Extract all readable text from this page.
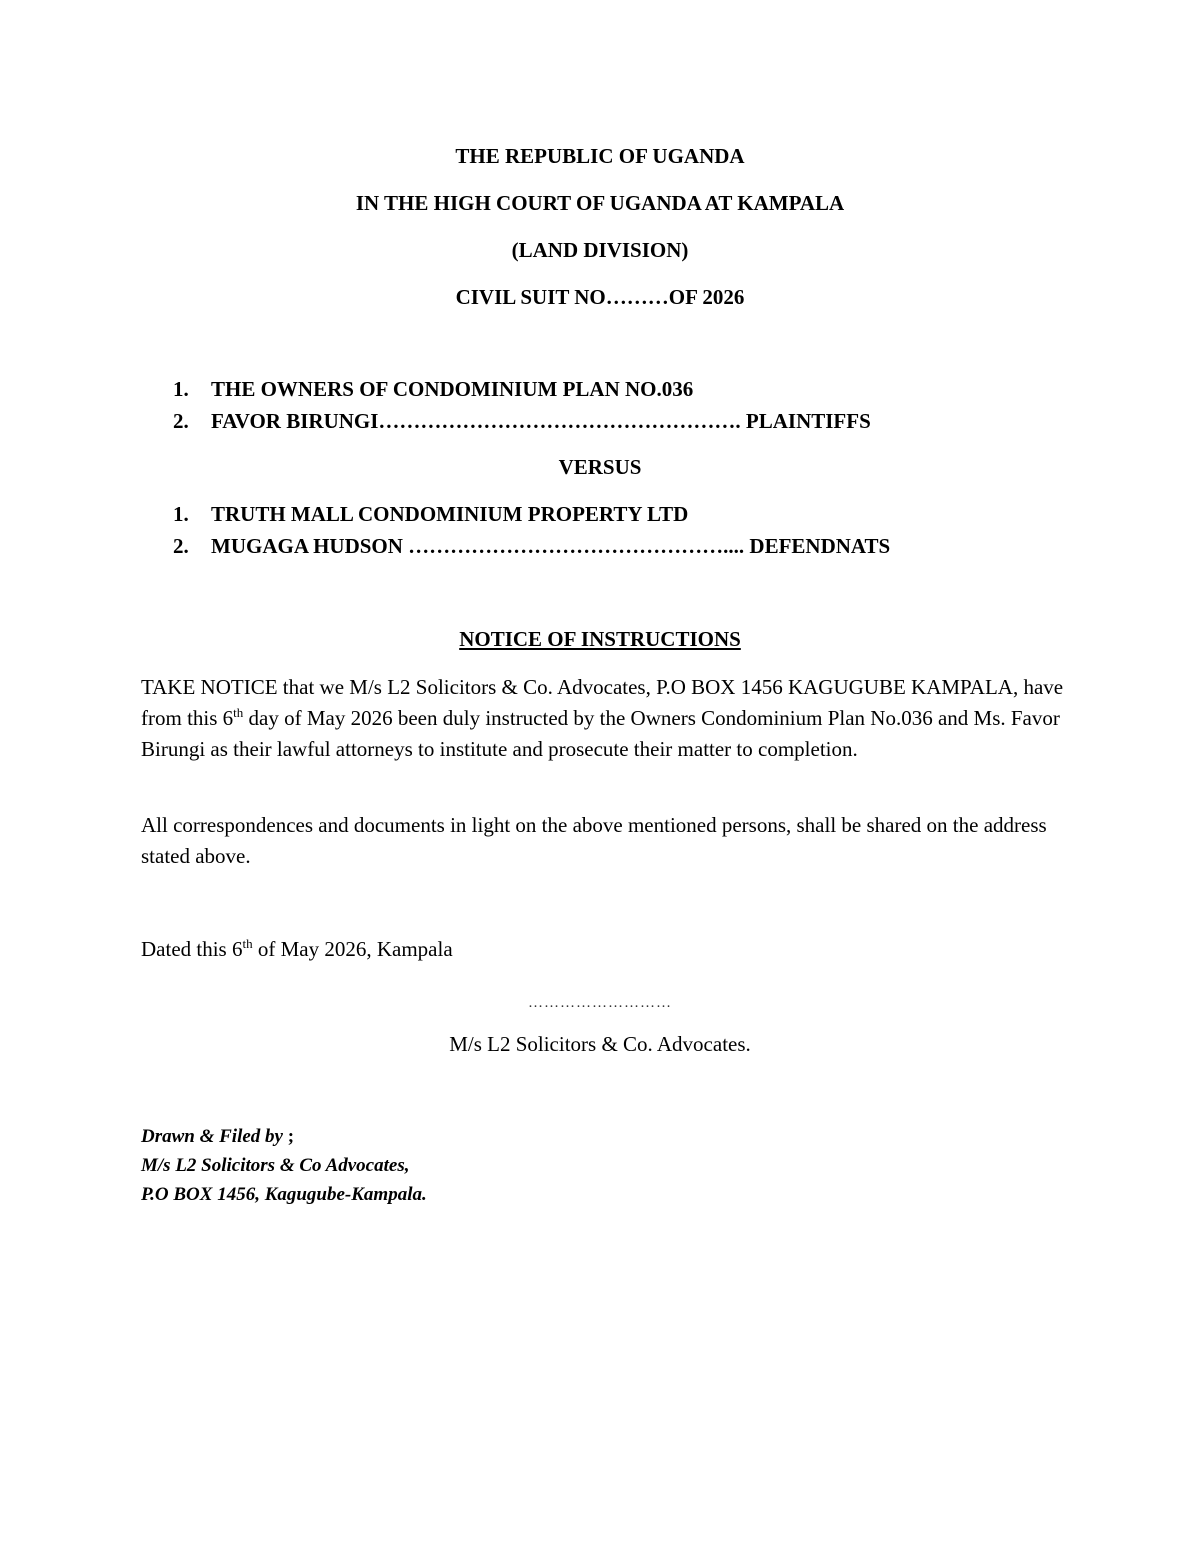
THE REPUBLIC OF UGANDA
IN THE HIGH COURT OF UGANDA AT KAMPALA
(LAND DIVISION)
CIVIL SUIT NO………OF 2026
1. THE OWNERS OF CONDOMINIUM PLAN NO.036
2. FAVOR BIRUNGI……………………………………………. PLAINTIFFS
VERSUS
1. TRUTH MALL CONDOMINIUM PROPERTY LTD
2. MUGAGA HUDSON ……………………………………….... DEFENDNATS
NOTICE OF INSTRUCTIONS
TAKE NOTICE that we M/s L2 Solicitors & Co. Advocates, P.O BOX 1456 KAGUGUBE KAMPALA, have from this 6th day of May 2026 been duly instructed by the Owners Condominium Plan No.036 and Ms. Favor Birungi as their lawful attorneys to institute and prosecute their matter to completion.
All correspondences and documents in light on the above mentioned persons, shall be shared on the address stated above.
Dated this 6th of May 2026, Kampala
………………………
M/s L2 Solicitors & Co. Advocates.
Drawn & Filed by ;
M/s L2 Solicitors & Co Advocates,
P.O BOX 1456, Kagugube-Kampala.
